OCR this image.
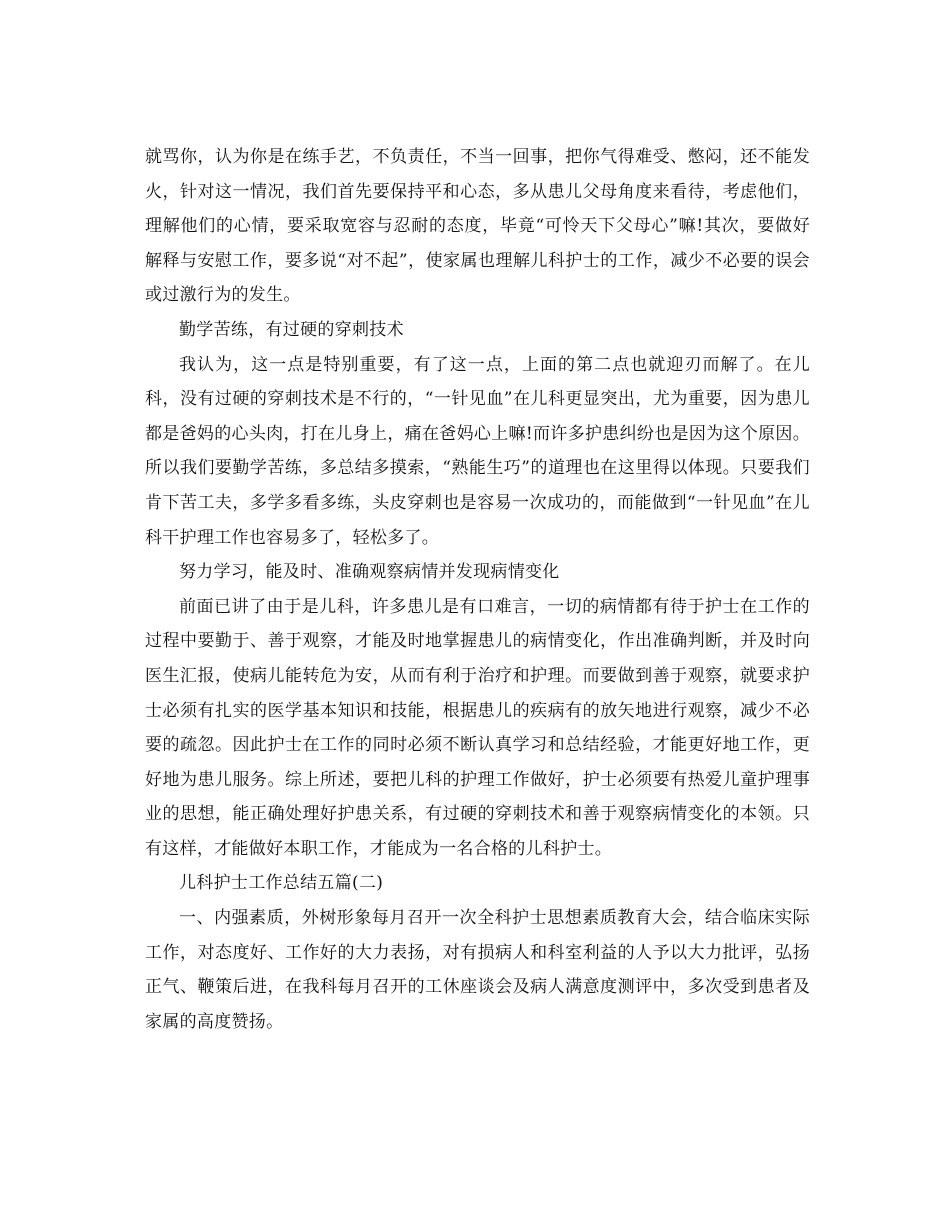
就骂你，认为你是在练手艺，不负责任，不当一回事，把你气得难受、憋闷，还不能发火，针对这一情况，我们首先要保持平和心态，多从患儿父母角度来看待，考虑他们，理解他们的心情，要采取宽容与忍耐的态度，毕竟“可怜天下父母心”嘛!其次，要做好解释与安慰工作，要多说“对不起”，使家属也理解儿科护士的工作，减少不必要的误会或过激行为的发生。

勤学苦练，有过硬的穿刺技术

我认为，这一点是特别重要，有了这一点，上面的第二点也就迎刃而解了。在儿科，没有过硬的穿刺技术是不行的，“一针见血”在儿科更显突出，尤为重要，因为患儿都是爸妈的心头肉，打在儿身上，痛在爸妈心上嘛!而许多护患纠纷也是因为这个原因。所以我们要勤学苦练，多总结多摸索，“熟能生巧”的道理也在这里得以体现。只要我们肯下苦工夫，多学多看多练，头皮穿刺也是容易一次成功的，而能做到“一针见血”在儿科干护理工作也容易多了，轻松多了。

努力学习，能及时、准确观察病情并发现病情变化

前面已讲了由于是儿科，许多患儿是有口难言，一切的病情都有待于护士在工作的过程中要勤于、善于观察，才能及时地掌握患儿的病情变化，作出准确判断，并及时向医生汇报，使病儿能转危为安，从而有利于治疗和护理。而要做到善于观察，就要求护士必须有扎实的医学基本知识和技能，根据患儿的疾病有的放矢地进行观察，减少不必要的疏忽。因此护士在工作的同时必须不断认真学习和总结经验，才能更好地工作，更好地为患儿服务。综上所述，要把儿科的护理工作做好，护士必须要有热爱儿童护理事业的思想，能正确处理好护患关系，有过硬的穿刺技术和善于观察病情变化的本领。只有这样，才能做好本职工作，才能成为一名合格的儿科护士。

儿科护士工作总结五篇(二)

一、内强素质，外树形象每月召开一次全科护士思想素质教育大会，结合临床实际工作，对态度好、工作好的大力表扬，对有损病人和科室利益的人予以大力批评，弘扬正气、鞭策后进，在我科每月召开的工休座谈会及病人满意度测评中，多次受到患者及家属的高度赞扬。
